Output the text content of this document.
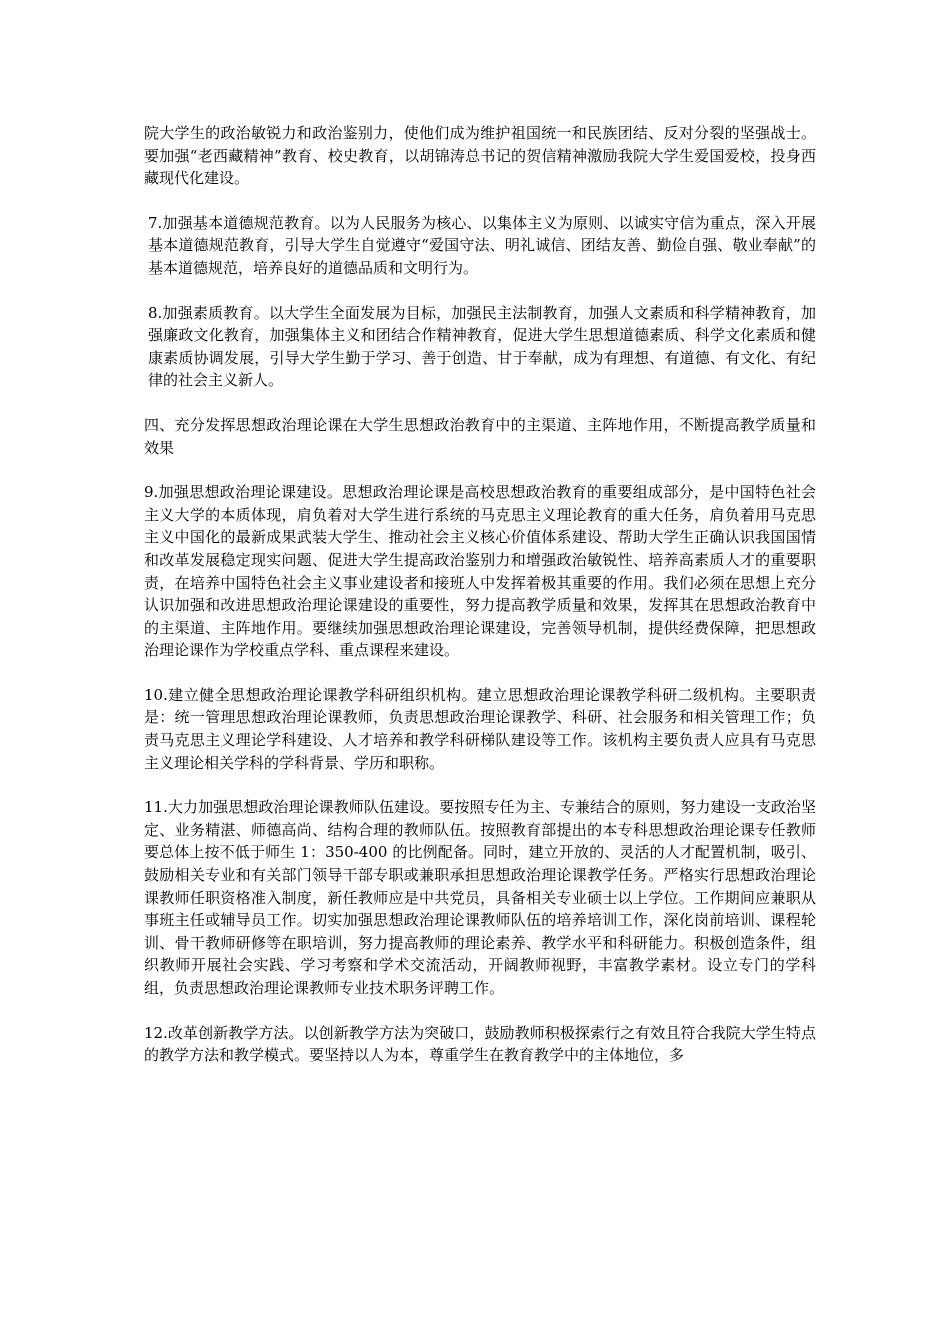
院大学生的政治敏锐力和政治鉴别力，使他们成为维护祖国统一和民族团结、反对分裂的坚强战士。要加强“老西藏精神”教育、校史教育，以胡锦涛总书记的贺信精神激励我院大学生爱国爱校，投身西藏现代化建设。

7.加强基本道德规范教育。以为人民服务为核心、以集体主义为原则、以诚实守信为重点，深入开展基本道德规范教育，引导大学生自觉遵守“爱国守法、明礼诚信、团结友善、勤俭自强、敬业奉献”的基本道德规范，培养良好的道德品质和文明行为。

8.加强素质教育。以大学生全面发展为目标，加强民主法制教育，加强人文素质和科学精神教育，加强廉政文化教育，加强集体主义和团结合作精神教育，促进大学生思想道德素质、科学文化素质和健康素质协调发展，引导大学生勤于学习、善于创造、甘于奉献，成为有理想、有道德、有文化、有纪律的社会主义新人。

四、充分发挥思想政治理论课在大学生思想政治教育中的主渠道、主阵地作用，不断提高教学质量和效果

9.加强思想政治理论课建设。思想政治理论课是高校思想政治教育的重要组成部分，是中国特色社会主义大学的本质体现，肩负着对大学生进行系统的马克思主义理论教育的重大任务，肩负着用马克思主义中国化的最新成果武装大学生、推动社会主义核心价值体系建设、帮助大学生正确认识我国国情和改革发展稳定现实问题、促进大学生提高政治鉴别力和增强政治敏锐性、培养高素质人才的重要职责，在培养中国特色社会主义事业建设者和接班人中发挥着极其重要的作用。我们必须在思想上充分认识加强和改进思想政治理论课建设的重要性，努力提高教学质量和效果，发挥其在思想政治教育中的主渠道、主阵地作用。要继续加强思想政治理论课建设，完善领导机制，提供经费保障，把思想政治理论课作为学校重点学科、重点课程来建设。

10.建立健全思想政治理论课教学科研组织机构。建立思想政治理论课教学科研二级机构。主要职责是：统一管理思想政治理论课教师，负责思想政治理论课教学、科研、社会服务和相关管理工作；负责马克思主义理论学科建设、人才培养和教学科研梯队建设等工作。该机构主要负责人应具有马克思主义理论相关学科的学科背景、学历和职称。

11.大力加强思想政治理论课教师队伍建设。要按照专任为主、专兼结合的原则，努力建设一支政治坚定、业务精湛、师德高尚、结构合理的教师队伍。按照教育部提出的本专科思想政治理论课专任教师要总体上按不低于师生 1：350-400 的比例配备。同时，建立开放的、灵活的人才配置机制，吸引、鼓励相关专业和有关部门领导干部专职或兼职承担思想政治理论课教学任务。严格实行思想政治理论课教师任职资格准入制度，新任教师应是中共党员，具备相关专业硕士以上学位。工作期间应兼职从事班主任或辅导员工作。切实加强思想政治理论课教师队伍的培养培训工作，深化岗前培训、课程轮训、骨干教师研修等在职培训，努力提高教师的理论素养、教学水平和科研能力。积极创造条件，组织教师开展社会实践、学习考察和学术交流活动，开阔教师视野，丰富教学素材。设立专门的学科组，负责思想政治理论课教师专业技术职务评聘工作。

12.改革创新教学方法。以创新教学方法为突破口，鼓励教师积极探索行之有效且符合我院大学生特点的教学方法和教学模式。要坚持以人为本，尊重学生在教育教学中的主体地位，多
